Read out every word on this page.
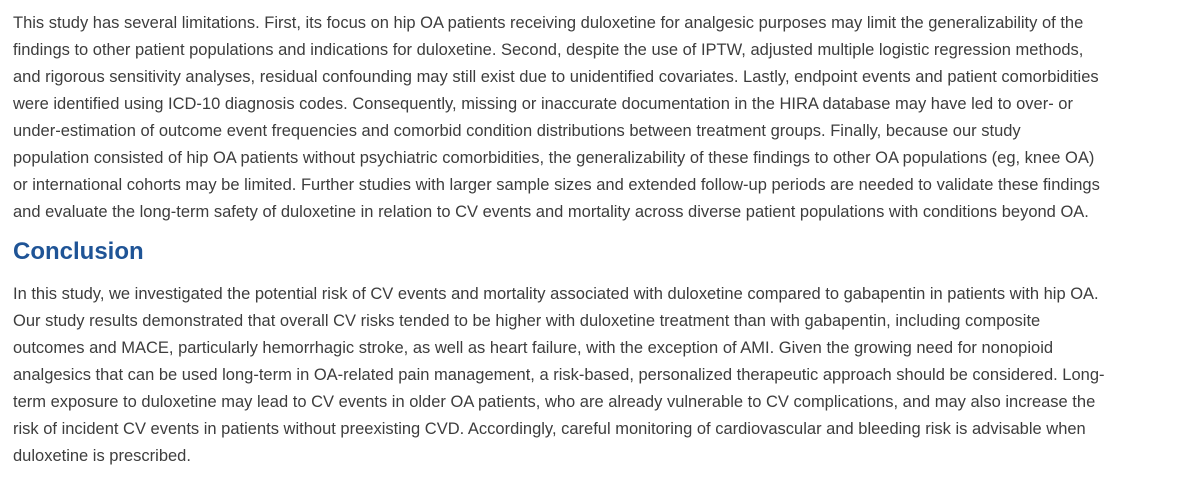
This study has several limitations. First, its focus on hip OA patients receiving duloxetine for analgesic purposes may limit the generalizability of the
findings to other patient populations and indications for duloxetine. Second, despite the use of IPTW, adjusted multiple logistic regression methods,
and rigorous sensitivity analyses, residual confounding may still exist due to unidentified covariates. Lastly, endpoint events and patient comorbidities
were identified using ICD-10 diagnosis codes. Consequently, missing or inaccurate documentation in the HIRA database may have led to over- or
under-estimation of outcome event frequencies and comorbid condition distributions between treatment groups. Finally, because our study
population consisted of hip OA patients without psychiatric comorbidities, the generalizability of these findings to other OA populations (eg, knee OA)
or international cohorts may be limited. Further studies with larger sample sizes and extended follow-up periods are needed to validate these findings
and evaluate the long-term safety of duloxetine in relation to CV events and mortality across diverse patient populations with conditions beyond OA.

Conclusion

In this study, we investigated the potential risk of CV events and mortality associated with duloxetine compared to gabapentin in patients with hip OA.
Our study results demonstrated that overall CV risks tended to be higher with duloxetine treatment than with gabapentin, including composite
outcomes and MACE, particularly hemorrhagic stroke, as well as heart failure, with the exception of AMI. Given the growing need for nonopioid
analgesics that can be used long-term in OA-related pain management, a risk-based, personalized therapeutic approach should be considered. Long-
term exposure to duloxetine may lead to CV events in older OA patients, who are already vulnerable to CV complications, and may also increase the
risk of incident CV events in patients without preexisting CVD. Accordingly, careful monitoring of cardiovascular and bleeding risk is advisable when
duloxetine is prescribed.
